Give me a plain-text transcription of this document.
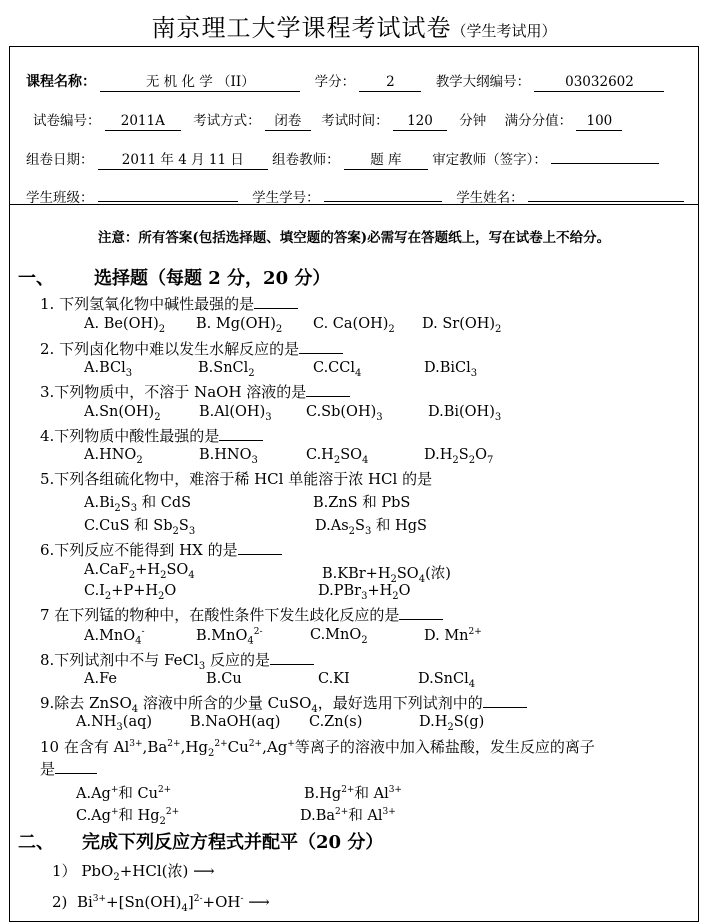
南京理工大学课程考试试卷（学生考试用）
课程名称：	无 机 化 学 （II）	学分： 2	教学大纲编号：	03032602
试卷编号： 2011A 考试方式： 闭卷 考试时间： 120 分钟 满分分值： 100
组卷日期： 2011 年 4 月 11 日 组卷教师： 题 库 审定教师（签字）：
学生班级：	学生学号：	学生姓名：
注意：所有答案(包括选择题、填空题的答案)必需写在答题纸上，写在试卷上不给分。
一、 选择题（每题 2 分，20 分）
1. 下列氢氧化物中碱性最强的是
A. $Be(OH)_2$ B. $Mg(OH)_2$ C. $Ca(OH)_2$ D. $Sr(OH)_2$
2. 下列卤化物中难以发生水解反应的是
A.BCl$_3$	B.SnCl$_2$	C.CCl$_4$	D.BiCl$_3$
3.下列物质中，不溶于 NaOH 溶液的是
$A.Sn(OH)_2$	$B.Al(OH)_3$ $C.Sb(OH)_3$	$D.Bi(OH)_3$
4.下列物质中酸性最强的是
$A.HNO_2$	$B.HNO_3$	$C.H_2SO_4$	$D.H_2S_2O_7$
5.下列各组硫化物中，难溶于稀 HCl 单能溶于浓 HCl 的是
$A.Bi_2S_3$ 和 CdS	B.ZnS 和 PbS
C.CuS 和 $Sb_2S_3$	$D.As_2S_3$ 和 HgS
6.下列反应不能得到 HX 的是
$A.CaF_2+H_2SO_4$	$B.KBr+H_2SO_4$(浓)
$C.I_2+P+H_2O$	$D.PBr_3+H_2O$
7 在下列锰的物种中，在酸性条件下发生歧化反应的是
A.MnO$_4$-	B.MnO$_4^{2-}$	C.MnO$_2$	D. $Mn^{2+}$
8.下列试剂中不与 FeCl$_3$ 反应的是
A.Fe	B.Cu	C.KI	D.SnCl$_4$
9.除去 ZnSO$_4$ 溶液中所含的少量 CuSO$_4$，最好选用下列试剂中的
$A.NH_3(aq)$	B.NaOH(aq) C.Zn(s)	$D.H_2S(g)$
10 在含有 $Al^{3+},Ba^{2+},Hg_2^{2+}Cu^{2+},Ag^+$等离子的溶液中加入稀盐酸，发生反应的离子
是
A.Ag+和 $Cu^{2+}$	$B.Hg^{2+}$和 $Al^{3+}$
C.Ag+和 $Hg_2^{2+}$	$D.Ba^{2+}$和 $Al^{3+}$
二、 完成下列反应方程式并配平（20 分）
1） PbO$_2$+HCl(浓) ⟶
2)  $Bi^{3+}+[Sn(OH)_4]^{2-}+OH^-$ ⟶
